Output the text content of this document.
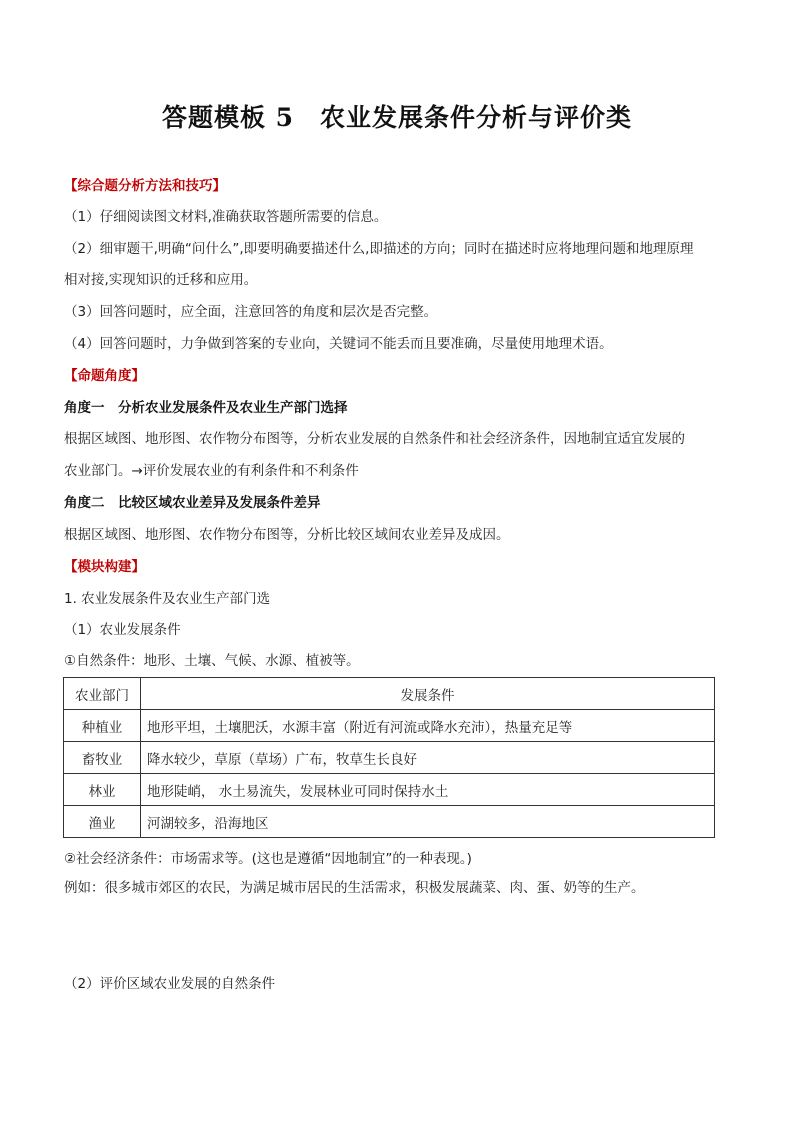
答题模板 5　农业发展条件分析与评价类
【综合题分析方法和技巧】
（1）仔细阅读图文材料,准确获取答题所需要的信息。
（2）细审题干,明确“问什么”,即要明确要描述什么,即描述的方向；同时在描述时应将地理问题和地理原理
相对接,实现知识的迁移和应用。
（3）回答问题时，应全面，注意回答的角度和层次是否完整。
（4）回答问题时，力争做到答案的专业向，关键词不能丢而且要准确，尽量使用地理术语。
【命题角度】
角度一　分析农业发展条件及农业生产部门选择
根据区域图、地形图、农作物分布图等，分析农业发展的自然条件和社会经济条件，因地制宜适宜发展的
农业部门。→评价发展农业的有利条件和不利条件
角度二　比较区域农业差异及发展条件差异
根据区域图、地形图、农作物分布图等，分析比较区域间农业差异及成因。
【模块构建】
1. 农业发展条件及农业生产部门选
（1）农业发展条件
①自然条件：地形、土壤、气候、水源、植被等。
农业部门	发展条件
种植业	地形平坦，土壤肥沃，水源丰富（附近有河流或降水充沛），热量充足等
畜牧业	降水较少，草原（草场）广布，牧草生长良好
林业	地形陡峭， 水土易流失，发展林业可同时保持水土
渔业	河湖较多，沿海地区
②社会经济条件：市场需求等。(这也是遵循“因地制宜”的一种表现。)
例如：很多城市郊区的农民，为满足城市居民的生活需求，积极发展蔬菜、肉、蛋、奶等的生产。
（2）评价区域农业发展的自然条件
